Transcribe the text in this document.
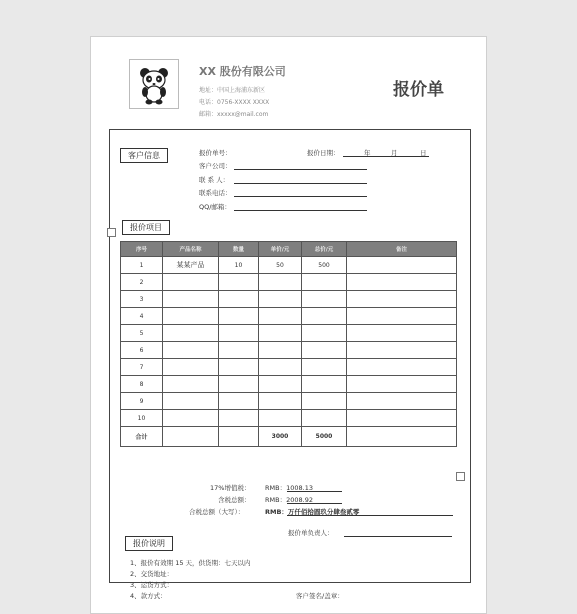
XX 股份有限公司
地址：中国上海浦东新区
电话：0756-XXXX XXXX
邮箱：xxxxx@mail.com
报价单
客户信息	报价单号：	报价日期：	年	月	日
客户公司：
联 系 人：
联系电话：
QQ/邮箱：
报价项目
序号	产品名称	数量	单价/元	总价/元	备注
1	某某产品	10	50	500	
2					
3					
4					
5					
6					
7					
8					
9					
10					
合计			3000	5000	
17%增值税： RMB：1008.13
含税总额： RMB：2008.92
合税总额（大写）：	RMB：万仟佰拾圆玖分肆叁贰零
报价单负责人：
报价说明
1、报价有效期 15 天，供货期：七天以内
2、交货地址：
3、运货方式：
4、款方式：	客户签名/盖章：
